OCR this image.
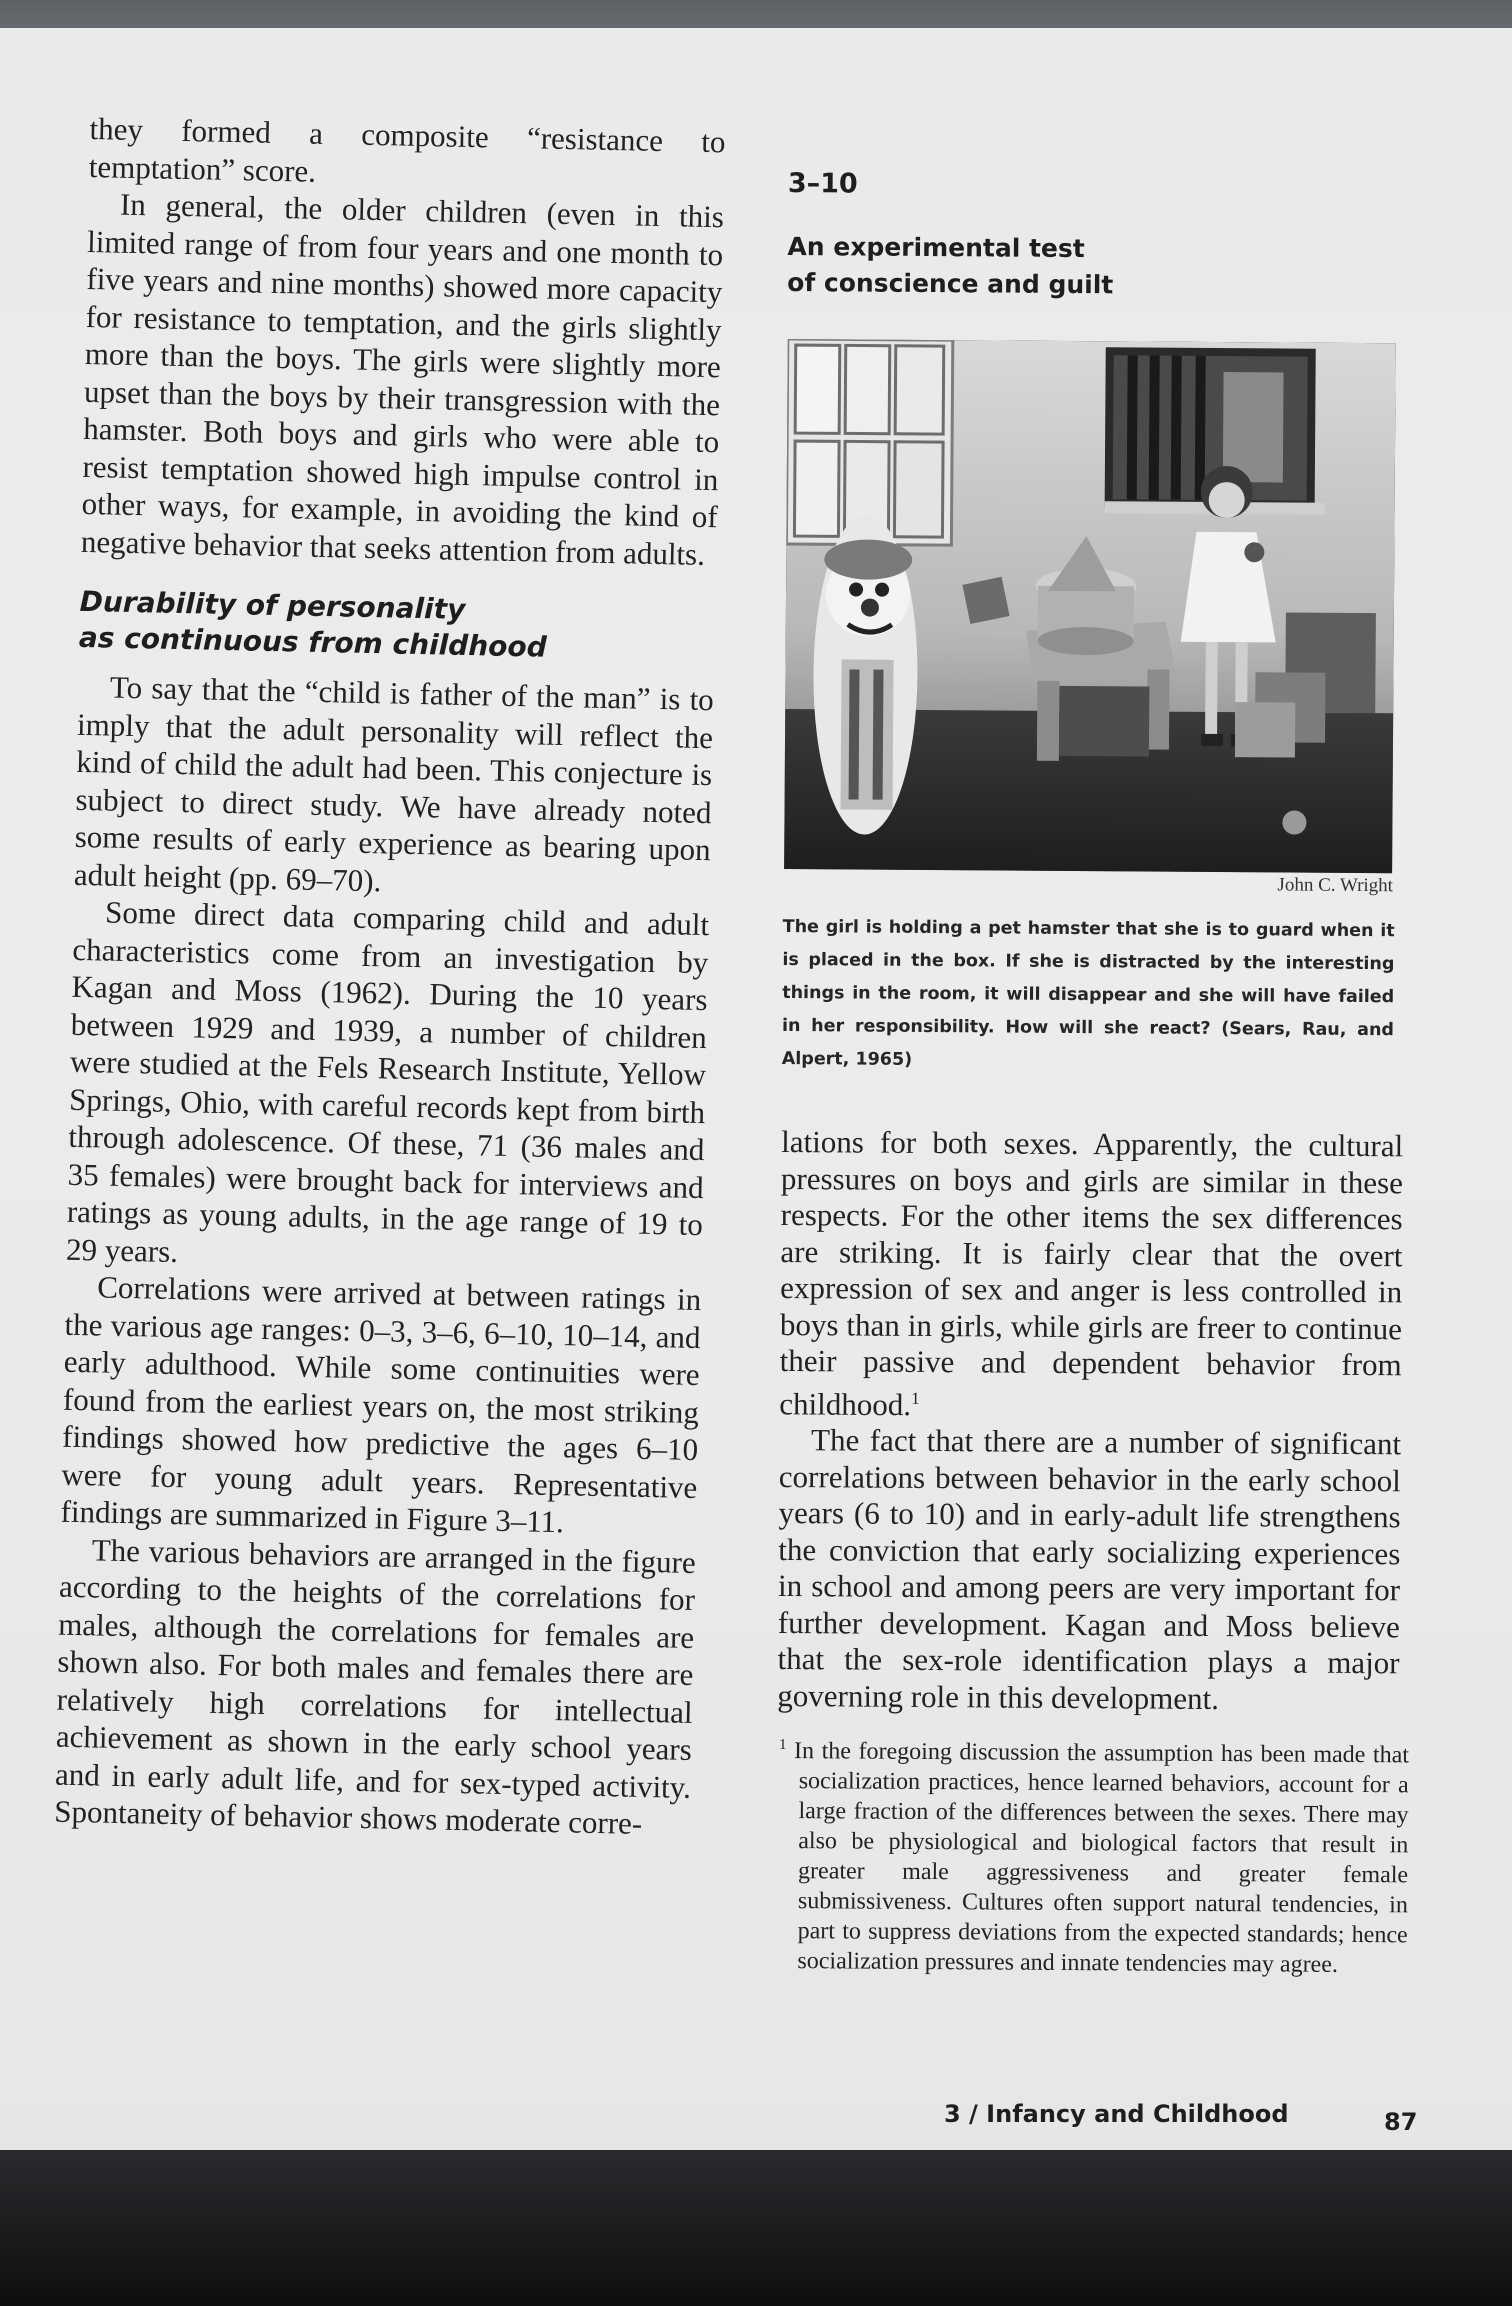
they formed a composite “resistance to temptation” score.

In general, the older children (even in this limited range of from four years and one month to five years and nine months) showed more capacity for resistance to temptation, and the girls slightly more than the boys. The girls were slightly more upset than the boys by their transgression with the hamster. Both boys and girls who were able to resist temptation showed high impulse control in other ways, for example, in avoiding the kind of negative behavior that seeks attention from adults.

Durability of personality
as continuous from childhood

To say that the “child is father of the man” is to imply that the adult personality will reflect the kind of child the adult had been. This conjecture is subject to direct study. We have already noted some results of early experience as bearing upon adult height (pp. 69–70).

Some direct data comparing child and adult characteristics come from an investigation by Kagan and Moss (1962). During the 10 years between 1929 and 1939, a number of children were studied at the Fels Research Institute, Yellow Springs, Ohio, with careful records kept from birth through adolescence. Of these, 71 (36 males and 35 females) were brought back for interviews and ratings as young adults, in the age range of 19 to 29 years.

Correlations were arrived at between ratings in the various age ranges: 0–3, 3–6, 6–10, 10–14, and early adulthood. While some continuities were found from the earliest years on, the most striking findings showed how predictive the ages 6–10 were for young adult years. Representative findings are summarized in Figure 3–11.

The various behaviors are arranged in the figure according to the heights of the correlations for males, although the correlations for females are shown also. For both males and females there are relatively high correlations for intellectual achievement as shown in the early school years and in early adult life, and for sex-typed activity. Spontaneity of behavior shows moderate corre-

3–10
An experimental test
of conscience and guilt
John C. Wright
The girl is holding a pet hamster that she is to guard when it is placed in the box. If she is distracted by the interesting things in the room, it will disappear and she will have failed in her responsibility. How will she react? (Sears, Rau, and Alpert, 1965)

lations for both sexes. Apparently, the cultural pressures on boys and girls are similar in these respects. For the other items the sex differences are striking. It is fairly clear that the overt expression of sex and anger is less controlled in boys than in girls, while girls are freer to continue their passive and dependent behavior from childhood.$^1$

The fact that there are a number of significant correlations between behavior in the early school years (6 to 10) and in early-adult life strengthens the conviction that early socializing experiences in school and among peers are very important for further development. Kagan and Moss believe that the sex-role identification plays a major governing role in this development.

$^1$ In the foregoing discussion the assumption has been made that socialization practices, hence learned behaviors, account for a large fraction of the differences between the sexes. There may also be physiological and biological factors that result in greater male aggressiveness and greater female submissiveness. Cultures often support natural tendencies, in part to suppress deviations from the expected standards; hence socialization pressures and innate tendencies may agree.
3 / Infancy and Childhood	87
